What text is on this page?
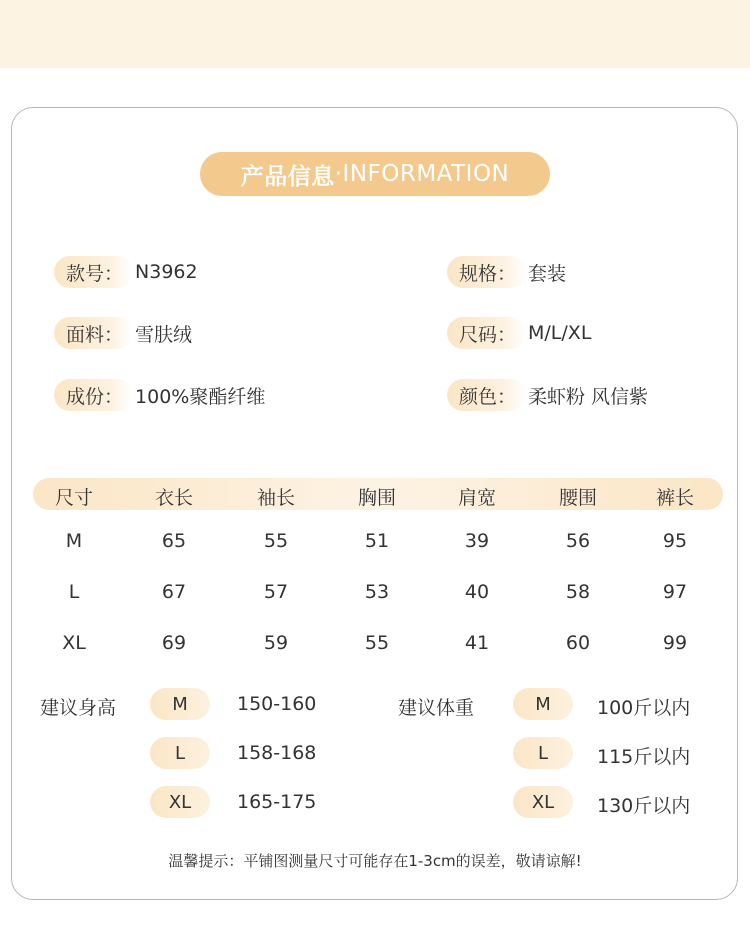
产品信息 ·INFORMATION
款号： N3962	规格： 套装
面料： 雪肤绒	尺码： M/L/XL
成份： 100%聚酯纤维	颜色： 柔虾粉 风信紫
尺寸	衣长	袖长	胸围	肩宽	腰围	裤长
M	65	55	51	39	56	95
L	67	57	53	40	58	97
XL	69	59	55	41	60	99
建议身高	M	150-160
L	158-168
XL	165-175
建议体重	M	100斤以内
L	115斤以内
XL	130斤以内
温馨提示：平铺图测量尺寸可能存在1-3cm的误差，敬请谅解!
